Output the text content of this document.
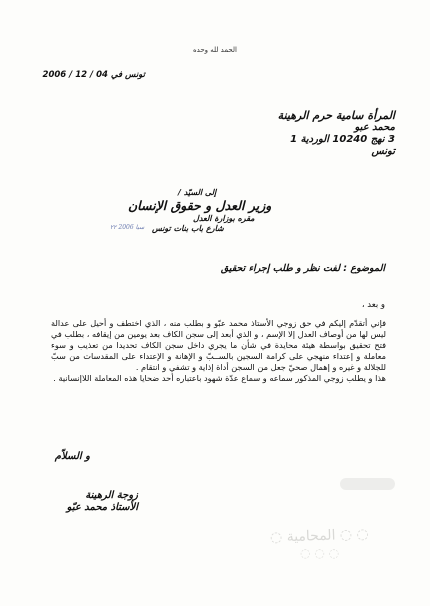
الحمد لله وحده
تونس في 04 / 12 / 2006
المرأة سامية حرم الرهينة
محمد عبو
3 نهج 10240 الوردية 1
تونس
إلى السيّد /
وزير العدل و حقوق الإنسان
مقره بوزارة العدل
شارع باب بنات تونس
سيا 2006 ٢٢
الموضوع : لفت نظر و طلب إجراء تحقيق
و بعد ،

فإني أتقدّم إليكم في حق زوجي الأستاذ محمد عبّو و بطلب منه ، الذي اختطف و أحيل على عدالة ليس لها من أوصاف العدل إلا الإسم ، و الذي أبعد إلى سجن الكاف بعد يومين من إيقافه ، بطلب في فتح تحقيق بواسطة هيئة محايدة في شأن ما يجري داخل سجن الكاف تحديدا من تعذيب و سوء معاملة و إعتداء منهجي على كرامة السجين بالســبّ و الإهانة و الإعتداء على المقدسات من سبّ للجلالة و غيره و إهمال صحيّ جعل من السجن أداة إذاية و تشفي و انتقام .

هذا و يطلب زوجي المذكور سماعه و سماع عدّة شهود باعتباره أحد ضحايا هذه المعاملة اللاإنسانية .

و السلاّم
زوجة الرهينة
الأستاذ محمد عبّو
◌ ﺍﻟﻤﺤﺎﻣﻴﺔ ◌ ◌
◌ ◌ ◌
